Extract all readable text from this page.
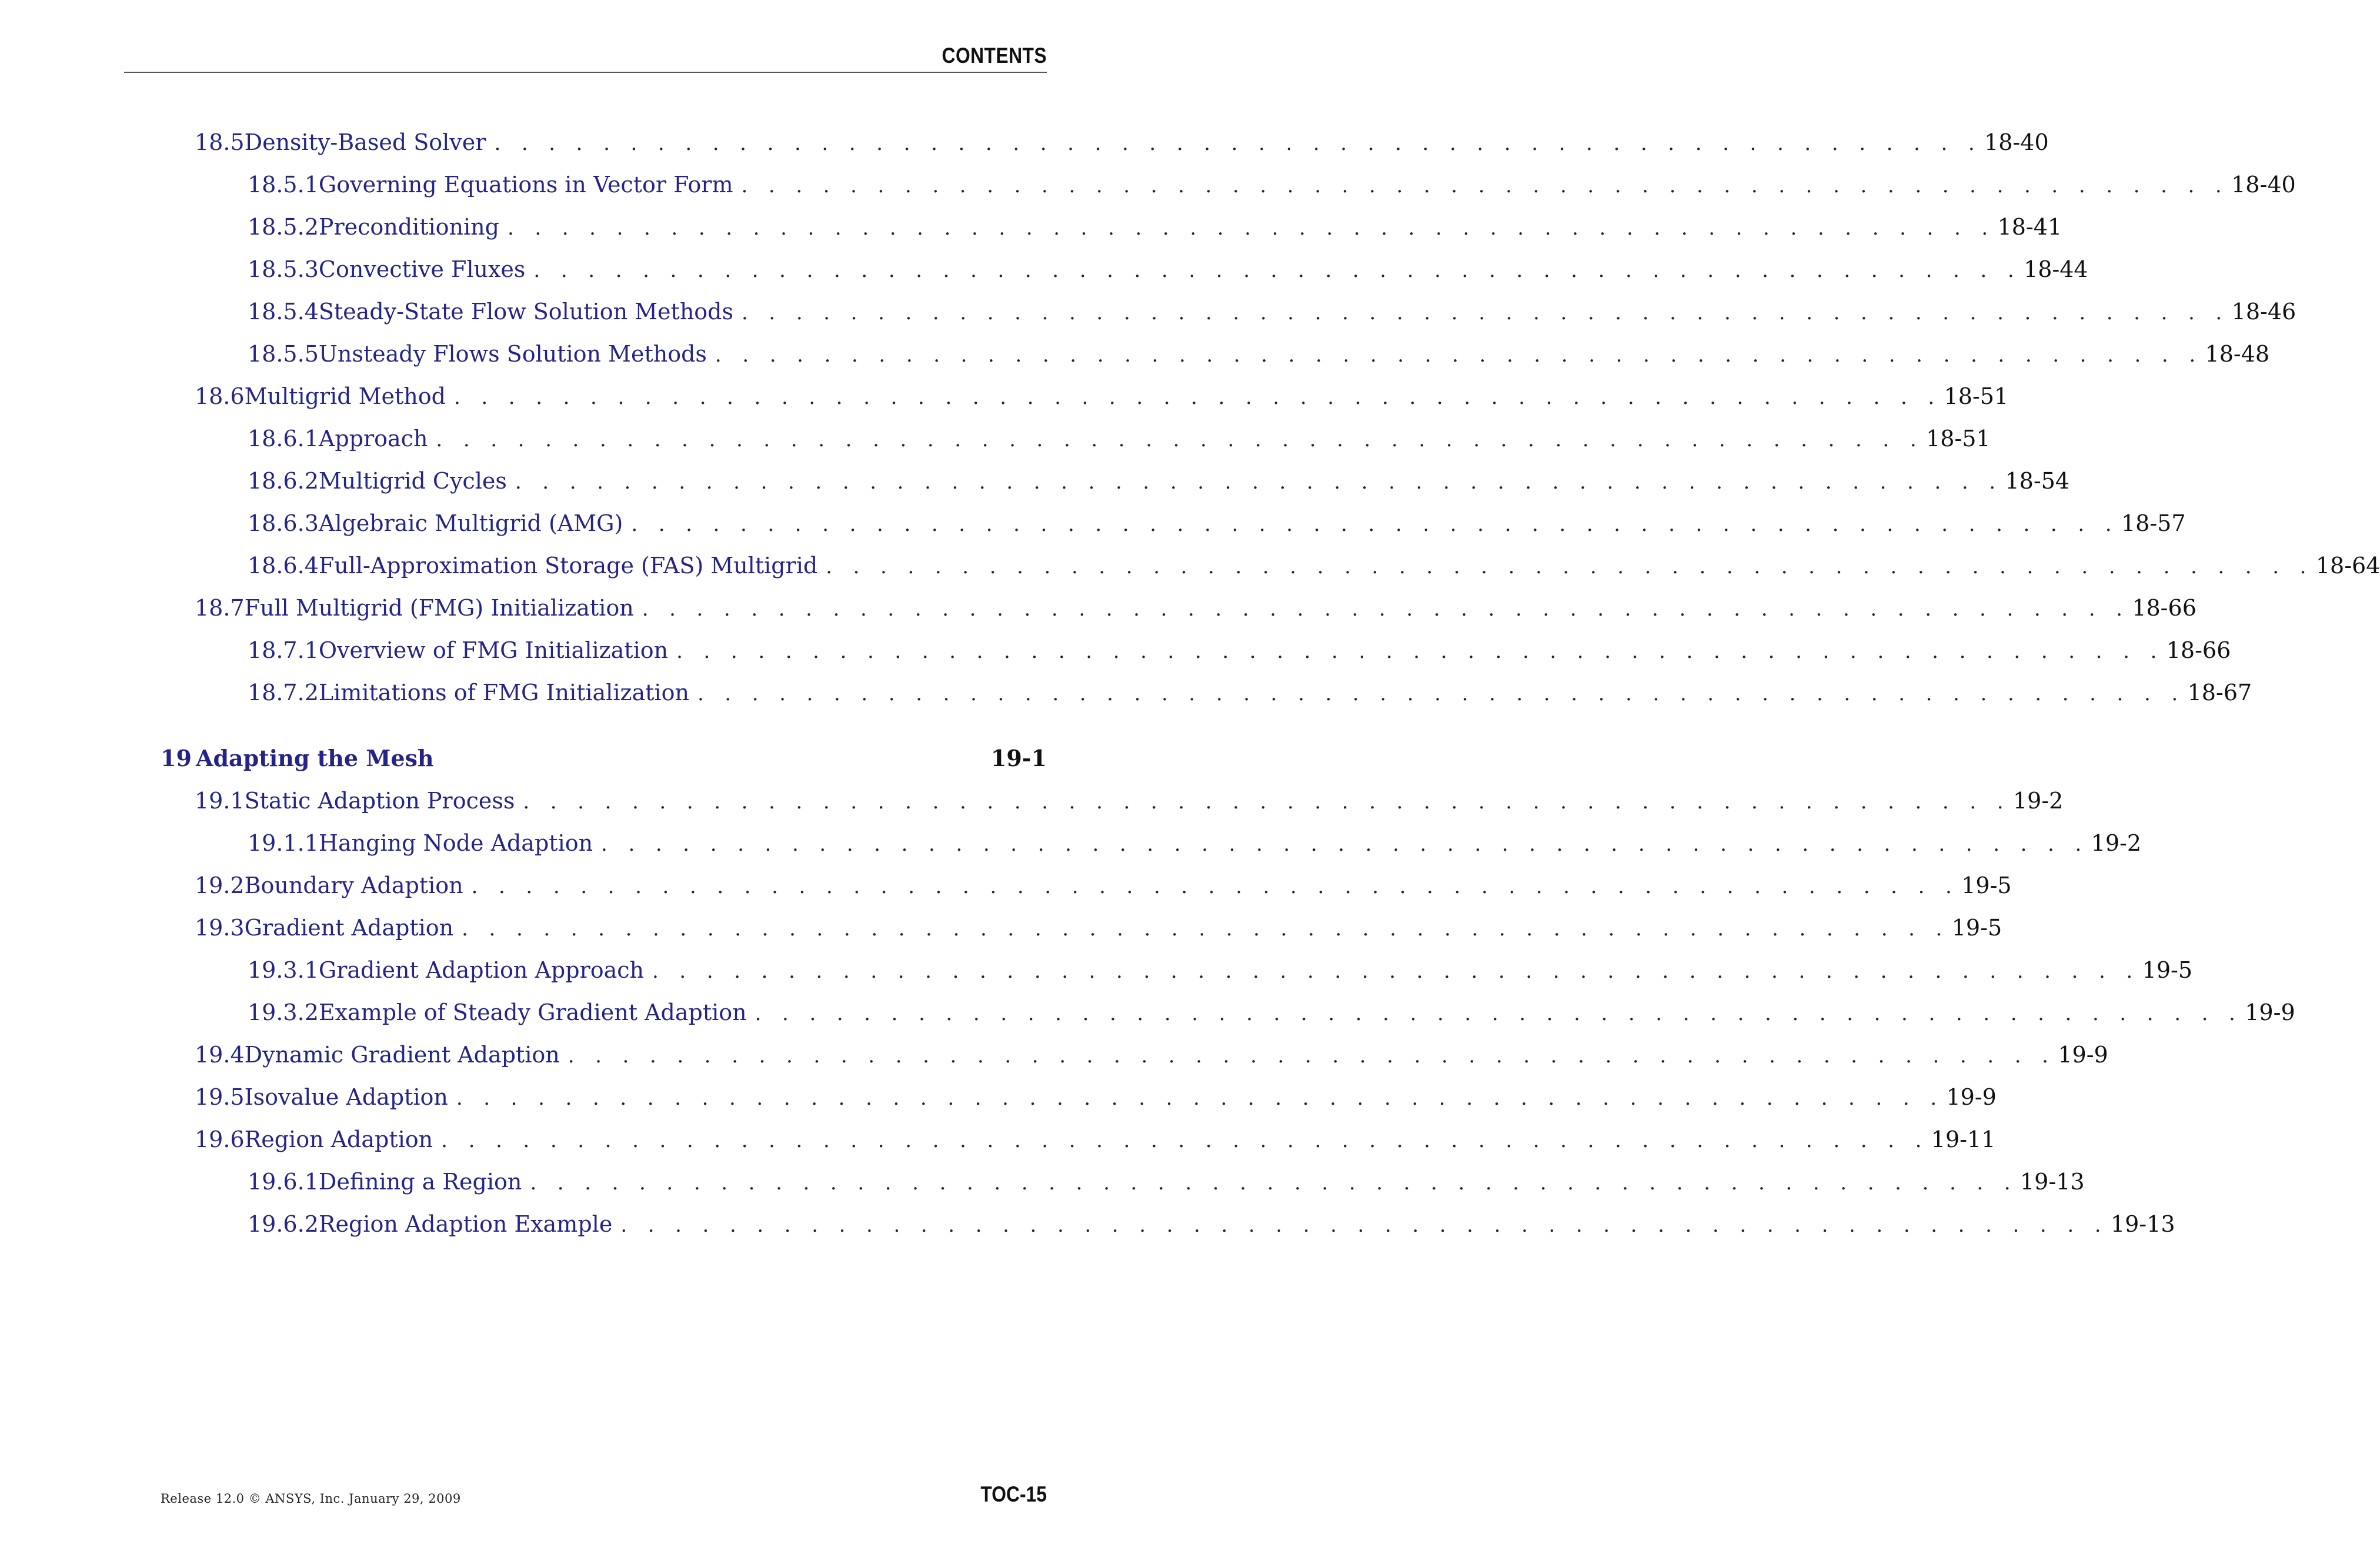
CONTENTS
18.5 Density-Based Solver . . . . . . . . . . . . . . . . . . . . . . . . . . . . . . . . . . . . . . . . . . . . . . . . . . . . . . . 18-40
18.5.1 Governing Equations in Vector Form . . . . . . . . . . . . . . . . . . . . . . . . . . . . . . . . . . . . . . . . . . . . . . . . . . . . . . . 18-40
18.5.2 Preconditioning . . . . . . . . . . . . . . . . . . . . . . . . . . . . . . . . . . . . . . . . . . . . . . . . . . . . . . . 18-41
18.5.3 Convective Fluxes . . . . . . . . . . . . . . . . . . . . . . . . . . . . . . . . . . . . . . . . . . . . . . . . . . . . . . . 18-44
18.5.4 Steady-State Flow Solution Methods . . . . . . . . . . . . . . . . . . . . . . . . . . . . . . . . . . . . . . . . . . . . . . . . . . . . . . . 18-46
18.5.5 Unsteady Flows Solution Methods . . . . . . . . . . . . . . . . . . . . . . . . . . . . . . . . . . . . . . . . . . . . . . . . . . . . . . . 18-48
18.6 Multigrid Method . . . . . . . . . . . . . . . . . . . . . . . . . . . . . . . . . . . . . . . . . . . . . . . . . . . . . . . 18-51
18.6.1 Approach . . . . . . . . . . . . . . . . . . . . . . . . . . . . . . . . . . . . . . . . . . . . . . . . . . . . . . . 18-51
18.6.2 Multigrid Cycles . . . . . . . . . . . . . . . . . . . . . . . . . . . . . . . . . . . . . . . . . . . . . . . . . . . . . . . 18-54
18.6.3 Algebraic Multigrid (AMG) . . . . . . . . . . . . . . . . . . . . . . . . . . . . . . . . . . . . . . . . . . . . . . . . . . . . . . . 18-57
18.6.4 Full-Approximation Storage (FAS) Multigrid . . . . . . . . . . . . . . . . . . . . . . . . . . . . . . . . . . . . . . . . . . . . . . . . . . . . . . . 18-64
18.7 Full Multigrid (FMG) Initialization . . . . . . . . . . . . . . . . . . . . . . . . . . . . . . . . . . . . . . . . . . . . . . . . . . . . . . . 18-66
18.7.1 Overview of FMG Initialization . . . . . . . . . . . . . . . . . . . . . . . . . . . . . . . . . . . . . . . . . . . . . . . . . . . . . . . 18-66
18.7.2 Limitations of FMG Initialization . . . . . . . . . . . . . . . . . . . . . . . . . . . . . . . . . . . . . . . . . . . . . . . . . . . . . . . 18-67
19 Adapting the Mesh	19-1
19.1 Static Adaption Process . . . . . . . . . . . . . . . . . . . . . . . . . . . . . . . . . . . . . . . . . . . . . . . . . . . . . . . 19-2
19.1.1 Hanging Node Adaption . . . . . . . . . . . . . . . . . . . . . . . . . . . . . . . . . . . . . . . . . . . . . . . . . . . . . . . 19-2
19.2 Boundary Adaption . . . . . . . . . . . . . . . . . . . . . . . . . . . . . . . . . . . . . . . . . . . . . . . . . . . . . . . 19-5
19.3 Gradient Adaption . . . . . . . . . . . . . . . . . . . . . . . . . . . . . . . . . . . . . . . . . . . . . . . . . . . . . . . 19-5
19.3.1 Gradient Adaption Approach . . . . . . . . . . . . . . . . . . . . . . . . . . . . . . . . . . . . . . . . . . . . . . . . . . . . . . . 19-5
19.3.2 Example of Steady Gradient Adaption . . . . . . . . . . . . . . . . . . . . . . . . . . . . . . . . . . . . . . . . . . . . . . . . . . . . . . . 19-9
19.4 Dynamic Gradient Adaption . . . . . . . . . . . . . . . . . . . . . . . . . . . . . . . . . . . . . . . . . . . . . . . . . . . . . . . 19-9
19.5 Isovalue Adaption . . . . . . . . . . . . . . . . . . . . . . . . . . . . . . . . . . . . . . . . . . . . . . . . . . . . . . . 19-9
19.6 Region Adaption . . . . . . . . . . . . . . . . . . . . . . . . . . . . . . . . . . . . . . . . . . . . . . . . . . . . . . . 19-11
19.6.1 Defining a Region . . . . . . . . . . . . . . . . . . . . . . . . . . . . . . . . . . . . . . . . . . . . . . . . . . . . . . . 19-13
19.6.2 Region Adaption Example . . . . . . . . . . . . . . . . . . . . . . . . . . . . . . . . . . . . . . . . . . . . . . . . . . . . . . . 19-13
Release 12.0 © ANSYS, Inc. January 29, 2009	TOC-15
